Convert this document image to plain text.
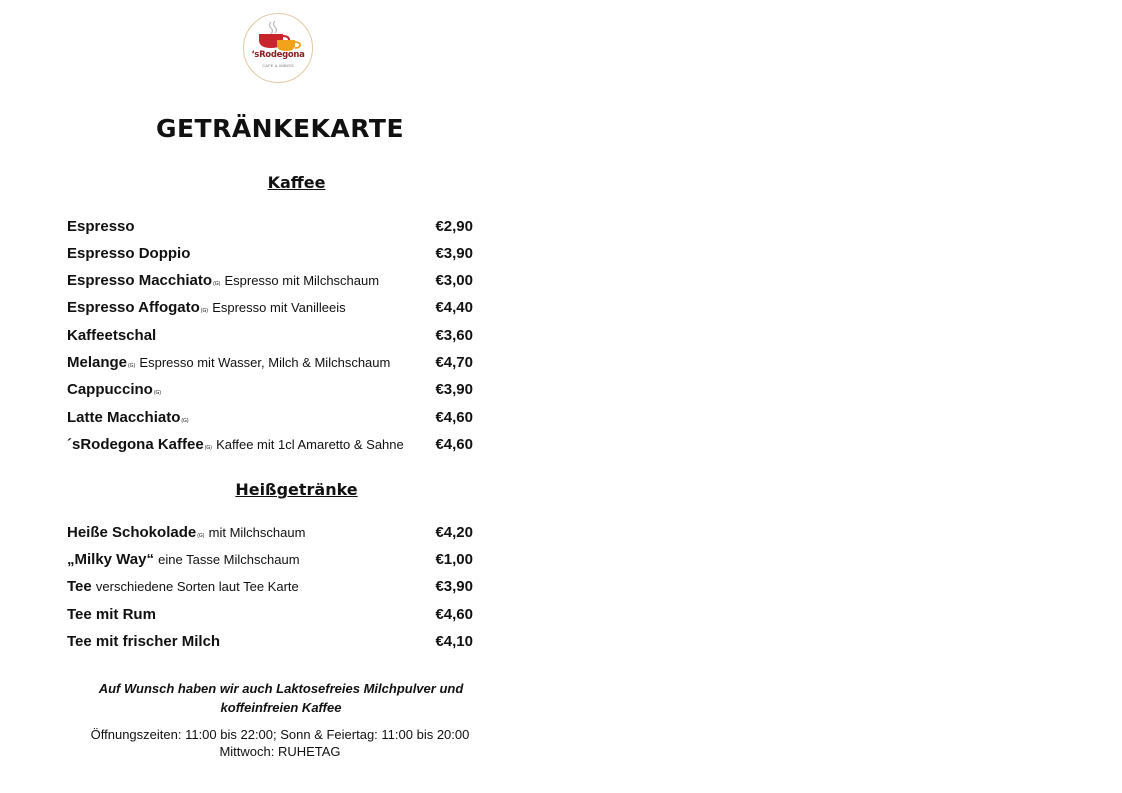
‘sRodegona
CAFE & IMBISS
GETRÄNKEKARTE
Kaffee
Espresso	€2,90
Espresso Doppio	€3,90
Espresso Macchiato(G) Espresso mit Milchschaum	€3,00
Espresso Affogato(G) Espresso mit Vanilleeis	€4,40
Kaffeetschal	€3,60
Melange(G) Espresso mit Wasser, Milch & Milchschaum	€4,70
Cappuccino(G)	€3,90
Latte Macchiato(G)	€4,60
´sRodegona Kaffee(G) Kaffee mit 1cl Amaretto & Sahne €4,60
Heißgetränke
Heiße Schokolade(G) mit Milchschaum	€4,20
„Milky Way“ eine Tasse Milchschaum	€1,00
Tee verschiedene Sorten laut Tee Karte	€3,90
Tee mit Rum	€4,60
Tee mit frischer Milch	€4,10
Auf Wunsch haben wir auch Laktosefreies Milchpulver und koffeinfreien Kaffee
Öffnungszeiten: 11:00 bis 22:00; Sonn & Feiertag: 11:00 bis 20:00
Mittwoch: RUHETAG
